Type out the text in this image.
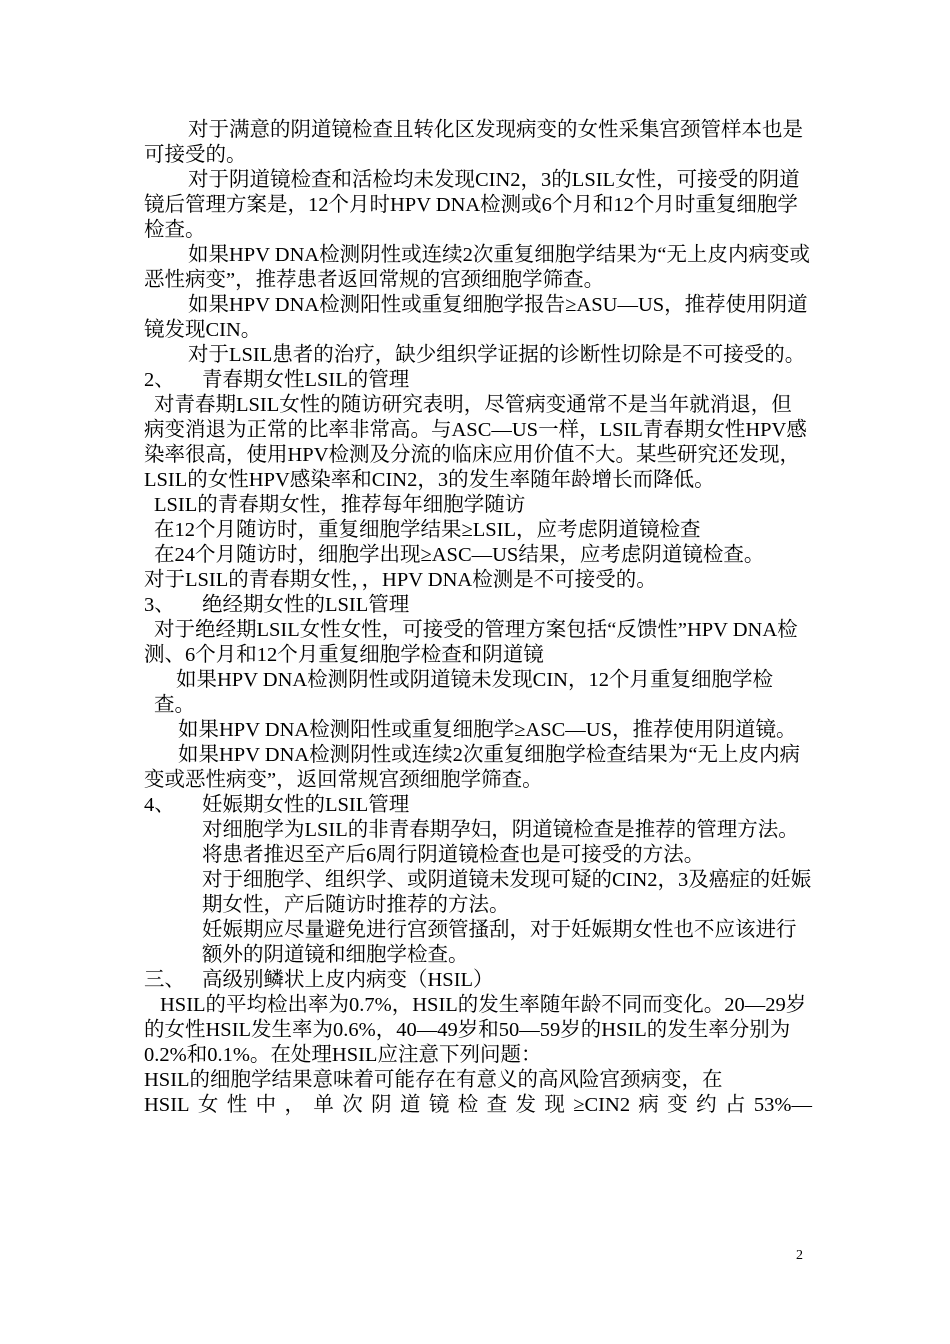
对于满意的阴道镜检查且转化区发现病变的女性采集宫颈管样本也是可接受的。

对于阴道镜检查和活检均未发现CIN2，3的LSIL女性，可接受的阴道镜后管理方案是，12个月时HPV DNA检测或6个月和12个月时重复细胞学检查。

如果HPV DNA检测阴性或连续2次重复细胞学结果为“无上皮内病变或恶性病变”，推荐患者返回常规的宫颈细胞学筛查。

如果HPV DNA检测阳性或重复细胞学报告≥ASU—US，推荐使用阴道镜发现CIN。

对于LSIL患者的治疗，缺少组织学证据的诊断性切除是不可接受的。

2、	青春期女性LSIL的管理

对青春期LSIL女性的随访研究表明，尽管病变通常不是当年就消退，但病变消退为正常的比率非常高。与ASC—US一样，LSIL青春期女性HPV感染率很高，使用HPV检测及分流的临床应用价值不大。某些研究还发现，LSIL的女性HPV感染率和CIN2，3的发生率随年龄增长而降低。

LSIL的青春期女性，推荐每年细胞学随访

在12个月随访时，重复细胞学结果≥LSIL，应考虑阴道镜检查

在24个月随访时，细胞学出现≥ASC—US结果，应考虑阴道镜检查。

对于LSIL的青春期女性，，HPV DNA检测是不可接受的。

3、	绝经期女性的LSIL管理

对于绝经期LSIL女性女性，可接受的管理方案包括“反馈性”HPV DNA检测、6个月和12个月重复细胞学检查和阴道镜

如果HPV DNA检测阴性或阴道镜未发现CIN，12个月重复细胞学检查。

如果HPV DNA检测阳性或重复细胞学≥ASC—US，推荐使用阴道镜。

如果HPV DNA检测阴性或连续2次重复细胞学检查结果为“无上皮内病变或恶性病变”，返回常规宫颈细胞学筛查。

4、	妊娠期女性的LSIL管理

对细胞学为LSIL的非青春期孕妇，阴道镜检查是推荐的管理方法。

将患者推迟至产后6周行阴道镜检查也是可接受的方法。

对于细胞学、组织学、或阴道镜未发现可疑的CIN2，3及癌症的妊娠期女性，产后随访时推荐的方法。

妊娠期应尽量避免进行宫颈管搔刮，对于妊娠期女性也不应该进行额外的阴道镜和细胞学检查。

三、 高级别鳞状上皮内病变（HSIL）

HSIL的平均检出率为0.7%，HSIL的发生率随年龄不同而变化。20—29岁的女性HSIL发生率为0.6%，40—49岁和50—59岁的HSIL的发生率分别为0.2%和0.1%。在处理HSIL应注意下列问题：

HSIL的细胞学结果意味着可能存在有意义的高风险宫颈病变，在

HSIL女性中，单次阴道镜检查发现≥CIN2病变约占53%—

2
